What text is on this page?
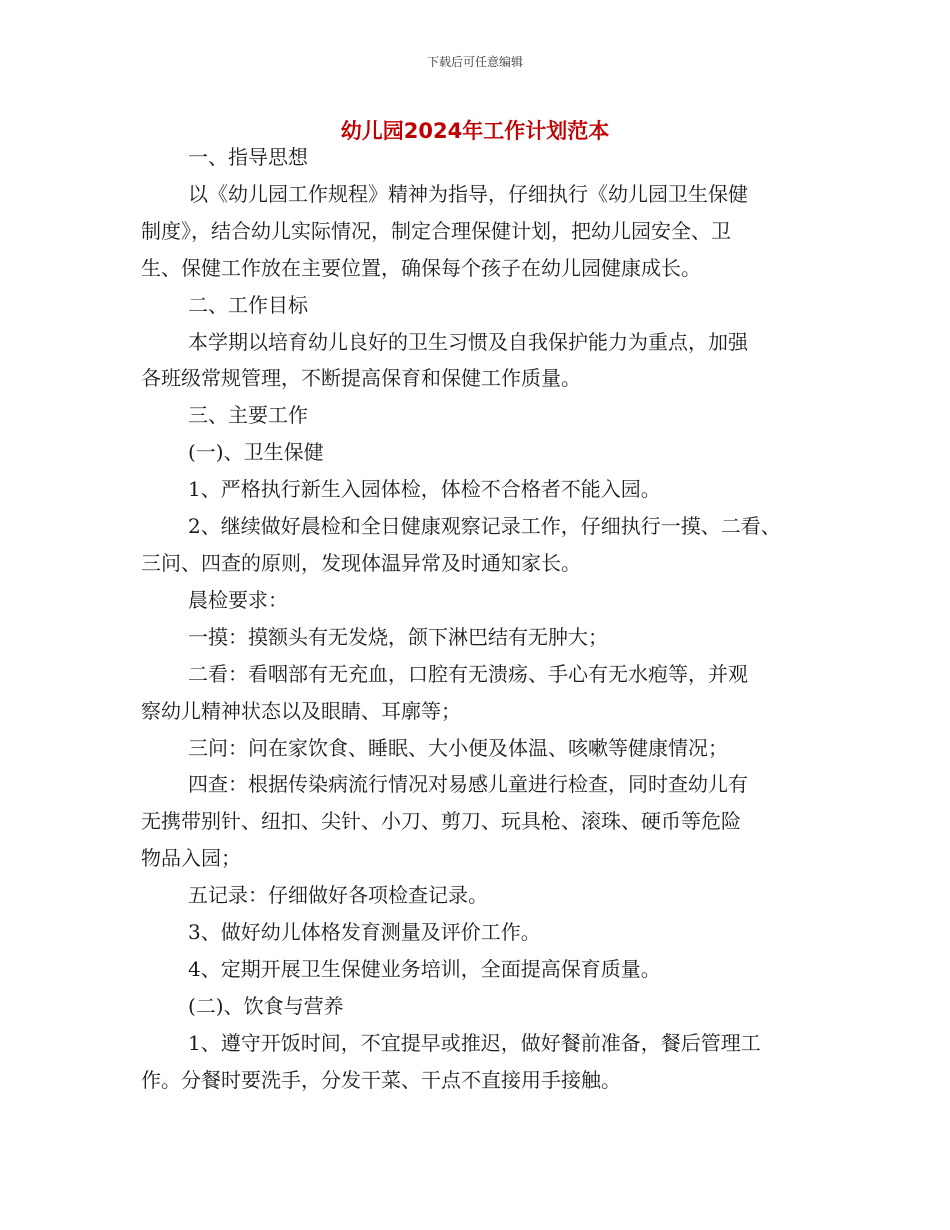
下载后可任意编辑
幼儿园2024年工作计划范本

一、指导思想

以《幼儿园工作规程》精神为指导，仔细执行《幼儿园卫生保健

制度》，结合幼儿实际情况，制定合理保健计划，把幼儿园安全、卫

生、保健工作放在主要位置，确保每个孩子在幼儿园健康成长。

二、工作目标

本学期以培育幼儿良好的卫生习惯及自我保护能力为重点，加强

各班级常规管理，不断提高保育和保健工作质量。

三、主要工作

(一)、卫生保健

1、严格执行新生入园体检，体检不合格者不能入园。

2、继续做好晨检和全日健康观察记录工作，仔细执行一摸、二看、

三问、四查的原则，发现体温异常及时通知家长。

晨检要求：

一摸：摸额头有无发烧，颌下淋巴结有无肿大；

二看：看咽部有无充血，口腔有无溃疡、手心有无水疱等，并观

察幼儿精神状态以及眼睛、耳廓等；

三问：问在家饮食、睡眠、大小便及体温、咳嗽等健康情况；

四查：根据传染病流行情况对易感儿童进行检查，同时查幼儿有

无携带别针、纽扣、尖针、小刀、剪刀、玩具枪、滚珠、硬币等危险

物品入园；

五记录：仔细做好各项检查记录。

3、做好幼儿体格发育测量及评价工作。

4、定期开展卫生保健业务培训，全面提高保育质量。

(二)、饮食与营养

1、遵守开饭时间，不宜提早或推迟，做好餐前准备，餐后管理工

作。分餐时要洗手，分发干菜、干点不直接用手接触。
